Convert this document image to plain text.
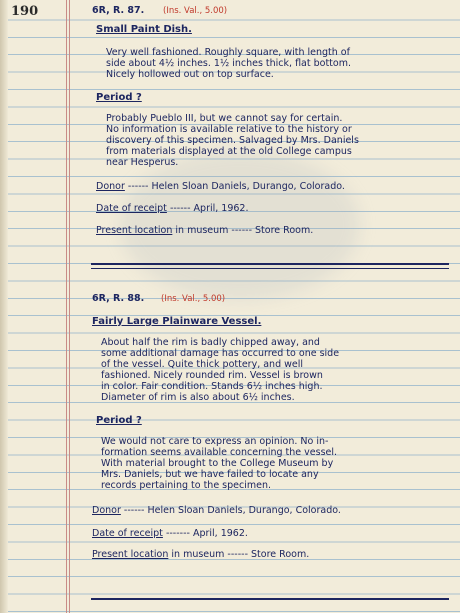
190	6R, R. 87. (Ins. Val., 5.00)
Small Paint Dish.
Very well fashioned. Roughly square, with length of
side about 4½ inches. 1½ inches thick, flat bottom.
Nicely hollowed out on top surface.
Period ?
Probably Pueblo III, but we cannot say for certain.
No information is available relative to the history or
discovery of this specimen. Salvaged by Mrs. Daniels
from materials displayed at the old College campus
near Hesperus.
Donor ------ Helen Sloan Daniels, Durango, Colorado.
Date of receipt ------ April, 1962.
Present location in museum ------ Store Room.
6R, R. 88. (Ins. Val., 5.00)
Fairly Large Plainware Vessel.
About half the rim is badly chipped away, and
some additional damage has occurred to one side
of the vessel. Quite thick pottery, and well
fashioned. Nicely rounded rim. Vessel is brown
in color. Fair condition. Stands 6½ inches high.
Diameter of rim is also about 6½ inches.
Period ?
We would not care to express an opinion. No in-
formation seems available concerning the vessel.
With material brought to the College Museum by
Mrs. Daniels, but we have failed to locate any
records pertaining to the specimen.
Donor ------ Helen Sloan Daniels, Durango, Colorado.
Date of receipt ------- April, 1962.
Present location in museum ------ Store Room.
